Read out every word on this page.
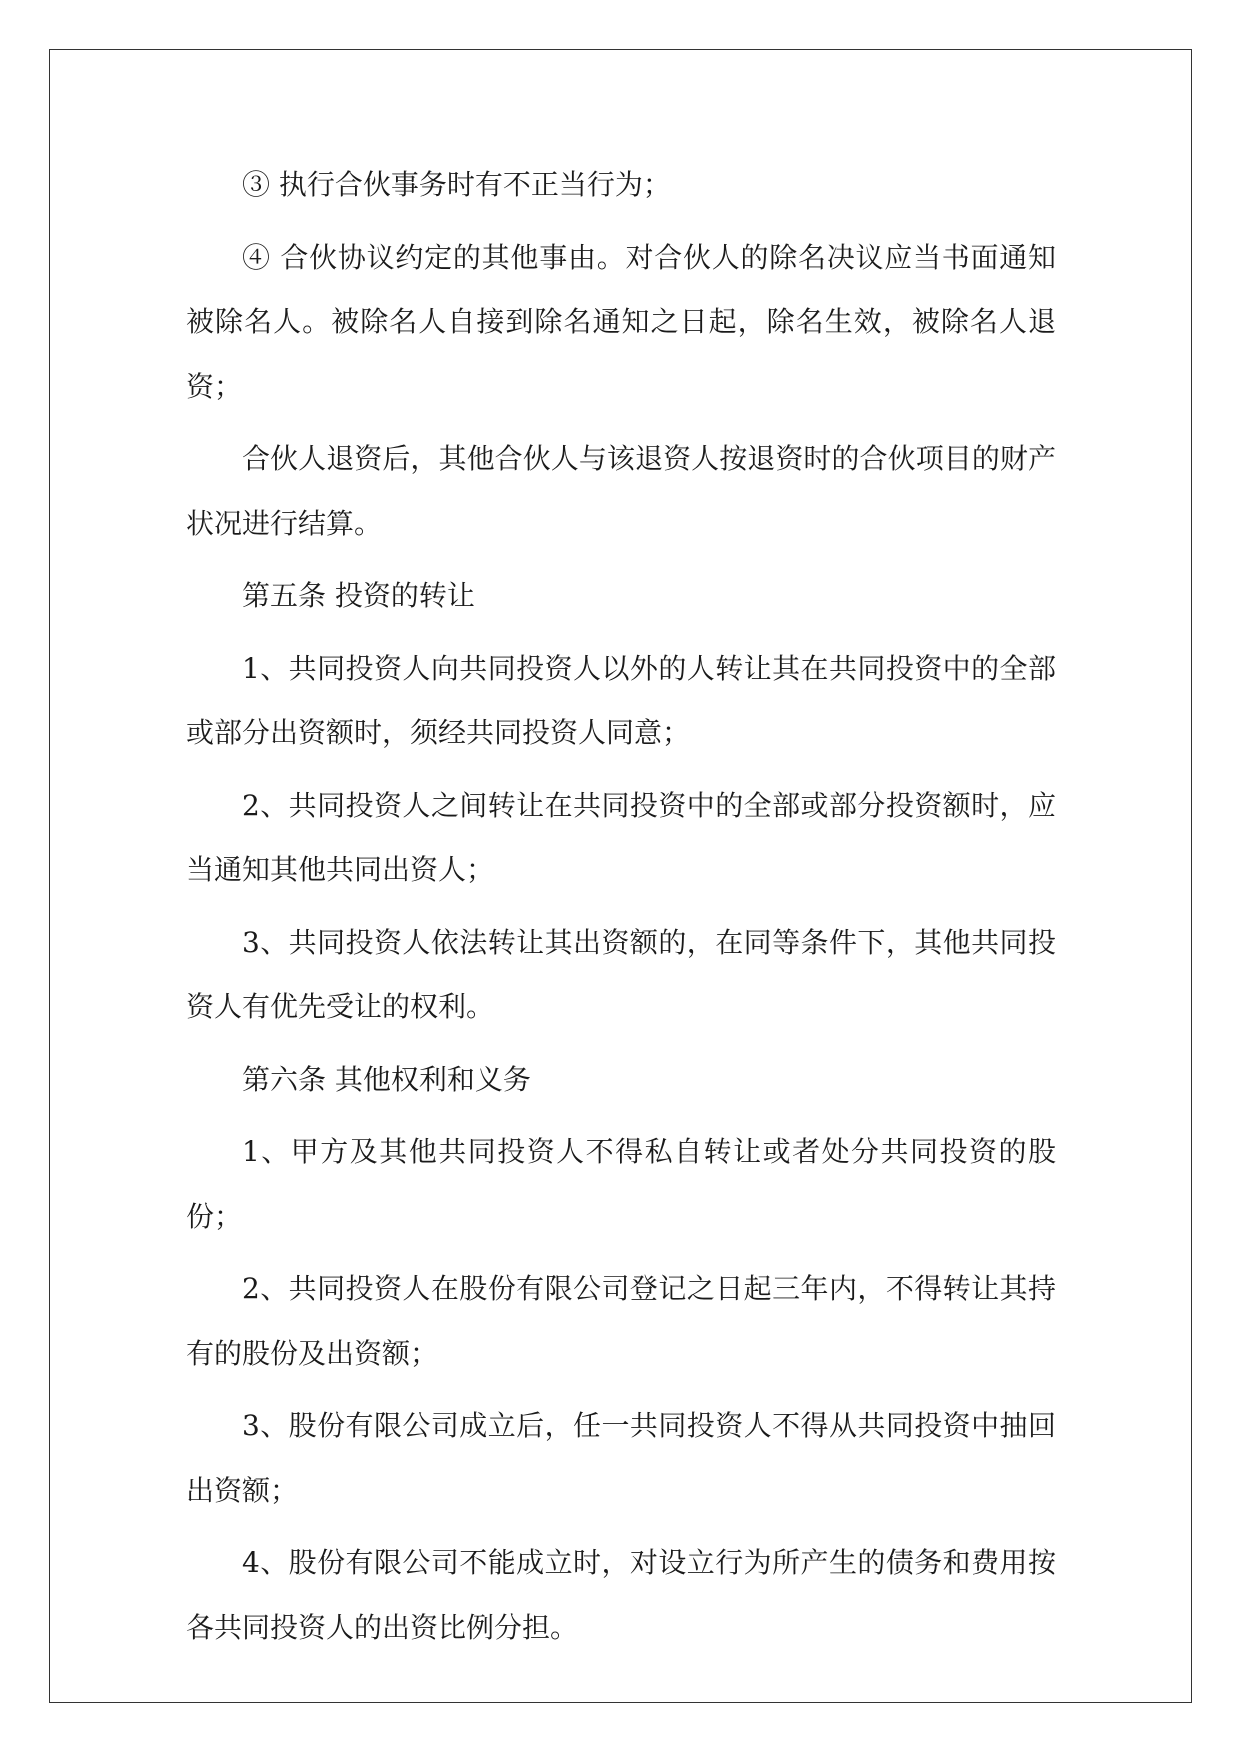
③ 执行合伙事务时有不正当行为；

④ 合伙协议约定的其他事由。对合伙人的除名决议应当书面通知被除名人。被除名人自接到除名通知之日起，除名生效，被除名人退资；

合伙人退资后，其他合伙人与该退资人按退资时的合伙项目的财产状况进行结算。

第五条 投资的转让

1、共同投资人向共同投资人以外的人转让其在共同投资中的全部或部分出资额时，须经共同投资人同意；

2、共同投资人之间转让在共同投资中的全部或部分投资额时，应当通知其他共同出资人；

3、共同投资人依法转让其出资额的，在同等条件下，其他共同投资人有优先受让的权利。

第六条 其他权利和义务

1、甲方及其他共同投资人不得私自转让或者处分共同投资的股份；

2、共同投资人在股份有限公司登记之日起三年内，不得转让其持有的股份及出资额；

3、股份有限公司成立后，任一共同投资人不得从共同投资中抽回出资额；

4、股份有限公司不能成立时，对设立行为所产生的债务和费用按各共同投资人的出资比例分担。
